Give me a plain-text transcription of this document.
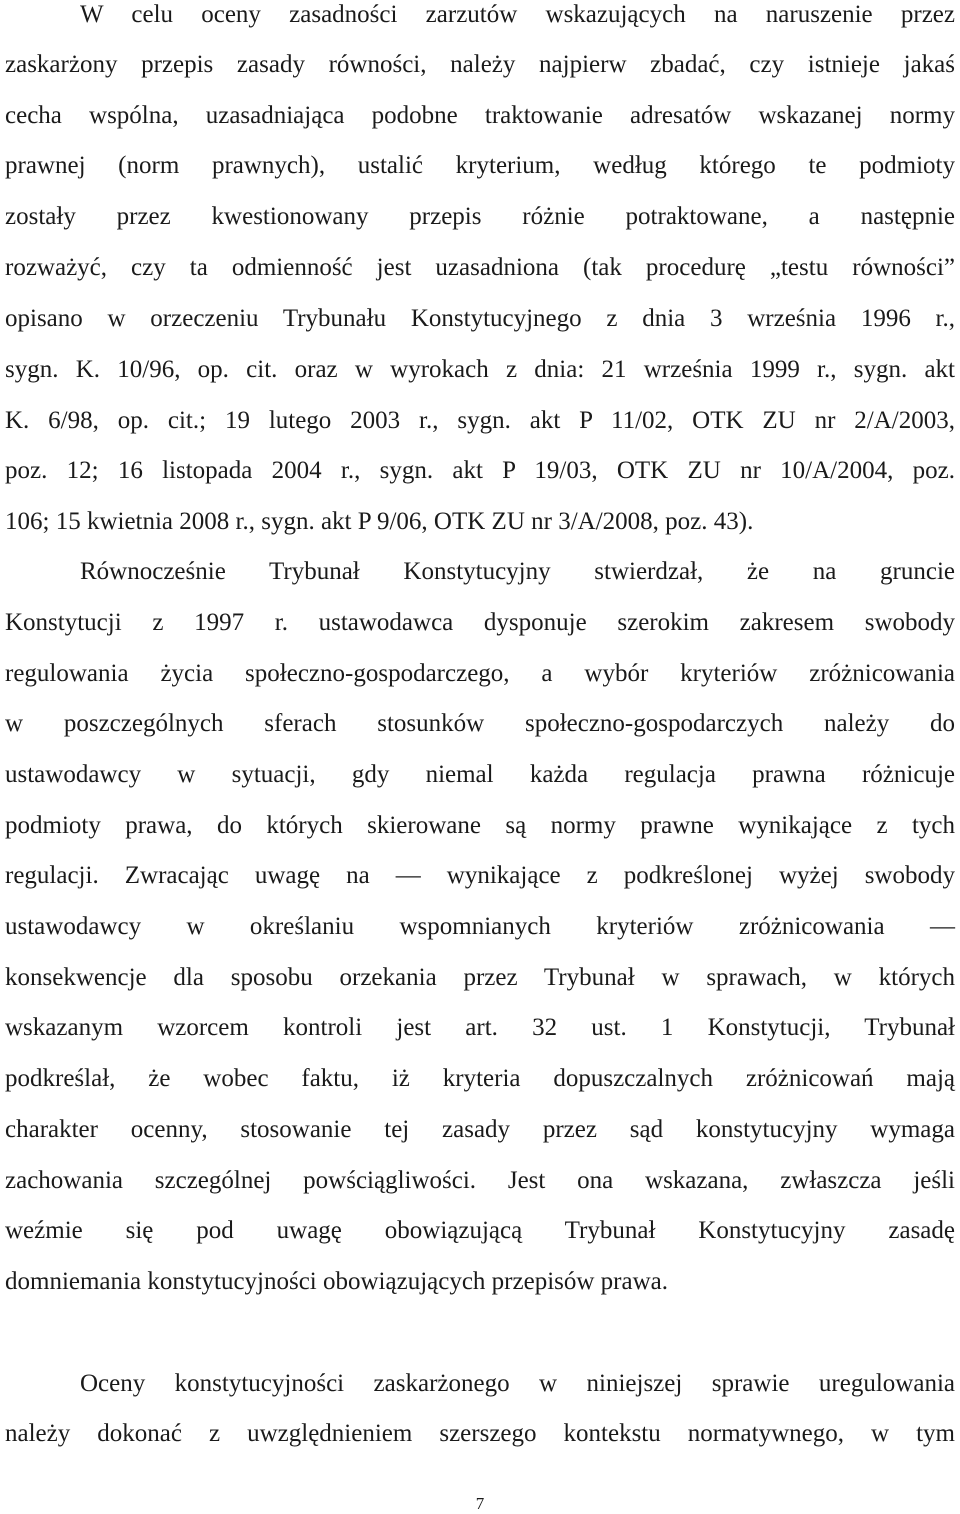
W celu oceny zasadności zarzutów wskazujących na naruszenie przez
zaskarżony przepis zasady równości, należy najpierw zbadać, czy istnieje jakaś
cecha wspólna, uzasadniająca podobne traktowanie adresatów wskazanej normy
prawnej (norm prawnych), ustalić kryterium, według którego te podmioty
zostały przez kwestionowany przepis różnie potraktowane, a następnie
rozważyć, czy ta odmienność jest uzasadniona (tak procedurę „testu równości”
opisano w orzeczeniu Trybunału Konstytucyjnego z dnia 3 września 1996 r.,
sygn. K. 10/96, op. cit. oraz w wyrokach z dnia: 21 września 1999 r., sygn. akt
K. 6/98, op. cit.; 19 lutego 2003 r., sygn. akt P 11/02, OTK ZU nr 2/A/2003,
poz. 12; 16 listopada 2004 r., sygn. akt P 19/03, OTK ZU nr 10/A/2004, poz.
106; 15 kwietnia 2008 r., sygn. akt P 9/06, OTK ZU nr 3/A/2008, poz. 43).
Równocześnie Trybunał Konstytucyjny stwierdzał, że na gruncie
Konstytucji z 1997 r. ustawodawca dysponuje szerokim zakresem swobody
regulowania życia społeczno-gospodarczego, a wybór kryteriów zróżnicowania
w poszczególnych sferach stosunków społeczno-gospodarczych należy do
ustawodawcy w sytuacji, gdy niemal każda regulacja prawna różnicuje
podmioty prawa, do których skierowane są normy prawne wynikające z tych
regulacji. Zwracając uwagę na — wynikające z podkreślonej wyżej swobody
ustawodawcy w określaniu wspomnianych kryteriów zróżnicowania —
konsekwencje dla sposobu orzekania przez Trybunał w sprawach, w których
wskazanym wzorcem kontroli jest art. 32 ust. 1 Konstytucji, Trybunał
podkreślał, że wobec faktu, iż kryteria dopuszczalnych zróżnicowań mają
charakter ocenny, stosowanie tej zasady przez sąd konstytucyjny wymaga
zachowania szczególnej powściągliwości. Jest ona wskazana, zwłaszcza jeśli
weźmie się pod uwagę obowiązującą Trybunał Konstytucyjny zasadę
domniemania konstytucyjności obowiązujących przepisów prawa.
Oceny konstytucyjności zaskarżonego w niniejszej sprawie uregulowania
należy dokonać z uwzględnieniem szerszego kontekstu normatywnego, w tym
7
